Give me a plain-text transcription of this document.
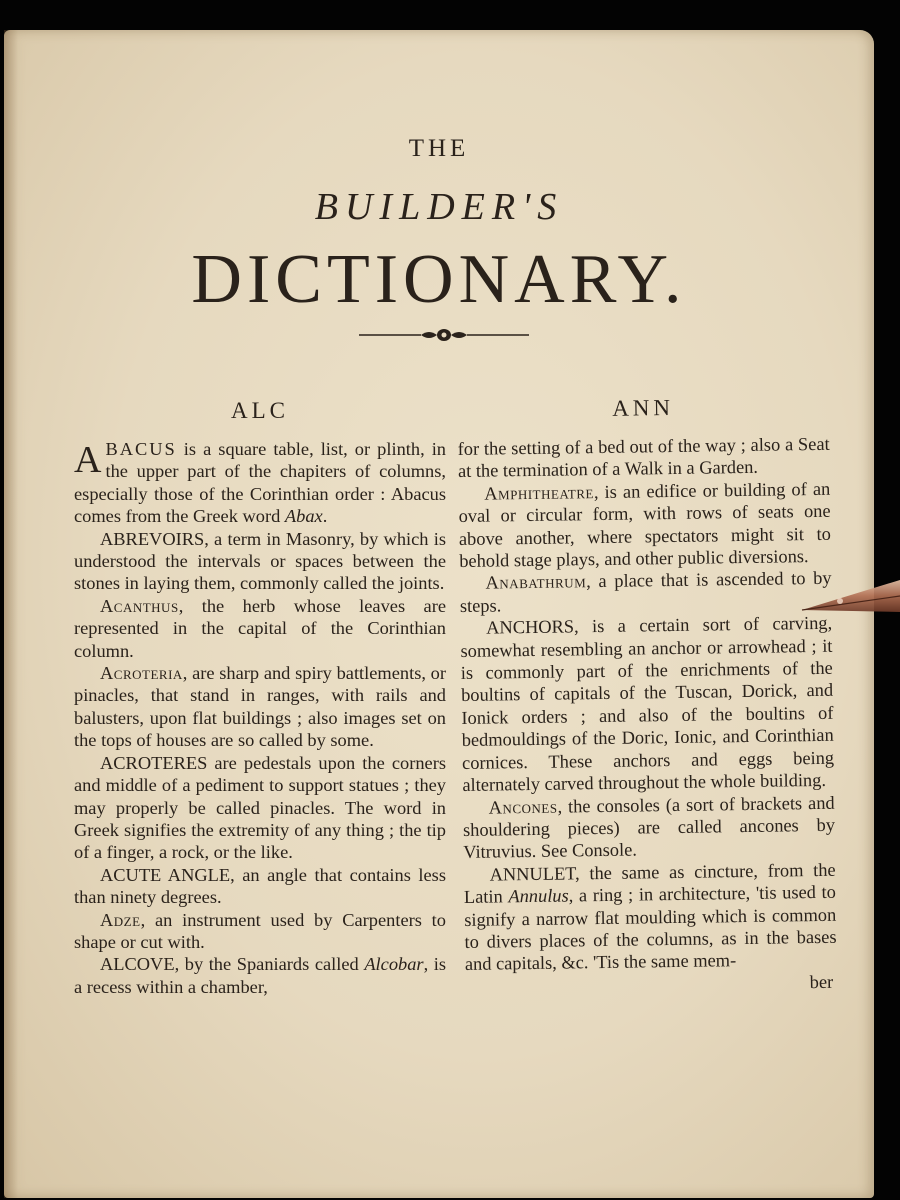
THE
BUILDER'S
DICTIONARY.
ALC

ABACUS is a square table, list, or plinth, in the upper part of the chapiters of columns, especially those of the Corinthian order : Abacus comes from the Greek word Abax.

ABREVOIRS, a term in Masonry, by which is understood the intervals or spaces between the stones in laying them, commonly called the joints.

Acanthus, the herb whose leaves are represented in the capital of the Corinthian column.

Acroteria, are sharp and spiry battlements, or pinacles, that stand in ranges, with rails and balusters, upon flat buildings ; also images set on the tops of houses are so called by some.

ACROTERES are pedestals upon the corners and middle of a pediment to support statues ; they may properly be called pinacles. The word in Greek signifies the extremity of any thing ; the tip of a finger, a rock, or the like.

ACUTE ANGLE, an angle that contains less than ninety degrees.

Adze, an instrument used by Carpenters to shape or cut with.

ALCOVE, by the Spaniards called Alcobar, is a recess within a chamber,

ANN

for the setting of a bed out of the way ; also a Seat at the termination of a Walk in a Garden.

Amphitheatre, is an edifice or building of an oval or circular form, with rows of seats one above another, where spectators might sit to behold stage plays, and other public diversions.

Anabathrum, a place that is ascended to by steps.

ANCHORS, is a certain sort of carving, somewhat resembling an anchor or arrowhead ; it is commonly part of the enrichments of the boultins of capitals of the Tuscan, Dorick, and Ionick orders ; and also of the boultins of bedmouldings of the Doric, Ionic, and Corinthian cornices. These anchors and eggs being alternately carved throughout the whole building.

Ancones, the consoles (a sort of brackets and shouldering pieces) are called ancones by Vitruvius. See Console.

ANNULET, the same as cincture, from the Latin Annulus, a ring ; in architecture, 'tis used to signify a narrow flat moulding which is common to divers places of the columns, as in the bases and capitals, &c. 'Tis the same mem-

ber
